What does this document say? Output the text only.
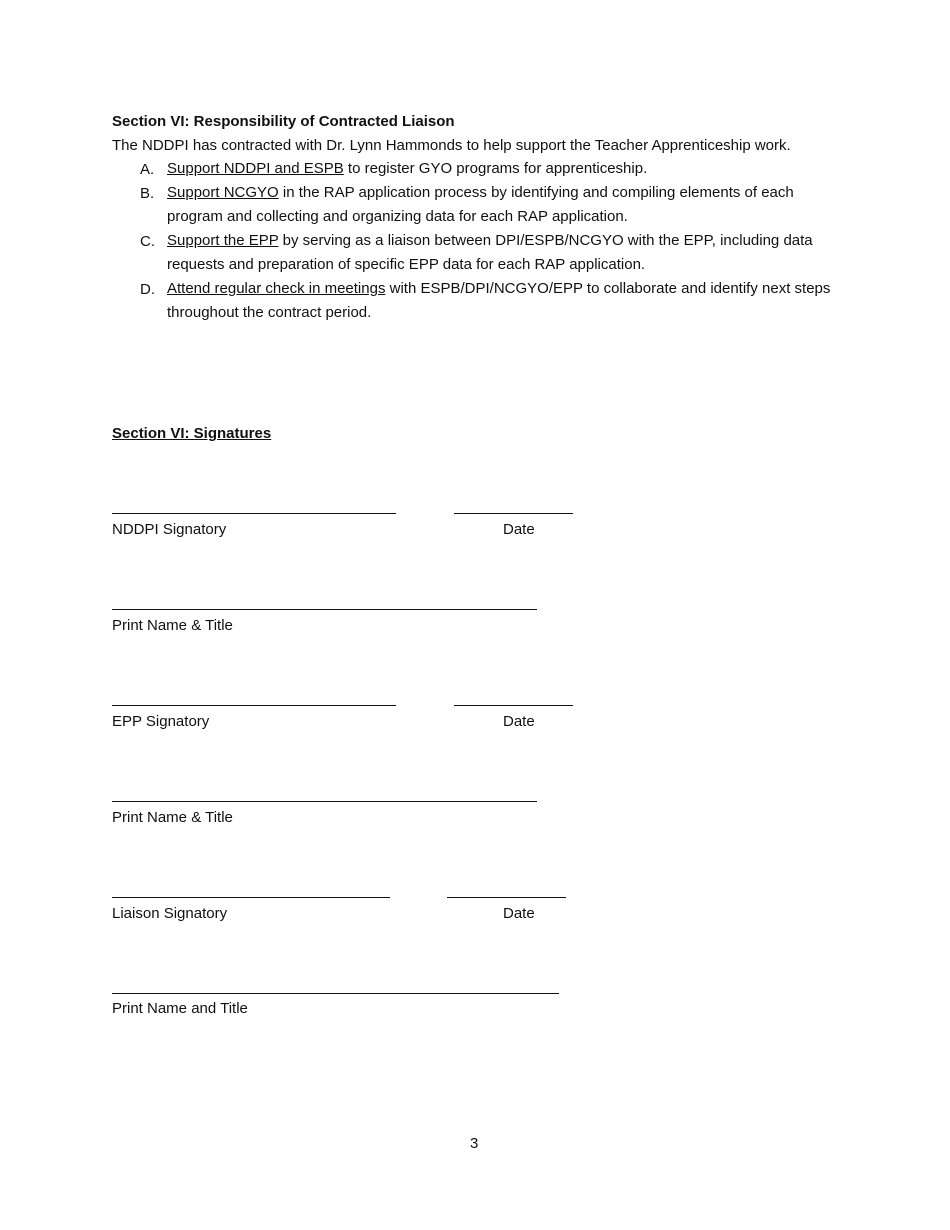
Section VI: Responsibility of Contracted Liaison
The NDDPI has contracted with Dr. Lynn Hammonds to help support the Teacher Apprenticeship work.
A. Support NDDPI and ESPB to register GYO programs for apprenticeship.
B. Support NCGYO in the RAP application process by identifying and compiling elements of each program and collecting and organizing data for each RAP application.
C. Support the EPP by serving as a liaison between DPI/ESPB/NCGYO with the EPP, including data requests and preparation of specific EPP data for each RAP application.
D. Attend regular check in meetings with ESPB/DPI/NCGYO/EPP to collaborate and identify next steps throughout the contract period.
Section VI: Signatures
NDDPI Signatory	Date
Print Name & Title
EPP Signatory	Date
Print Name & Title
Liaison Signatory	Date
Print Name and Title
3
